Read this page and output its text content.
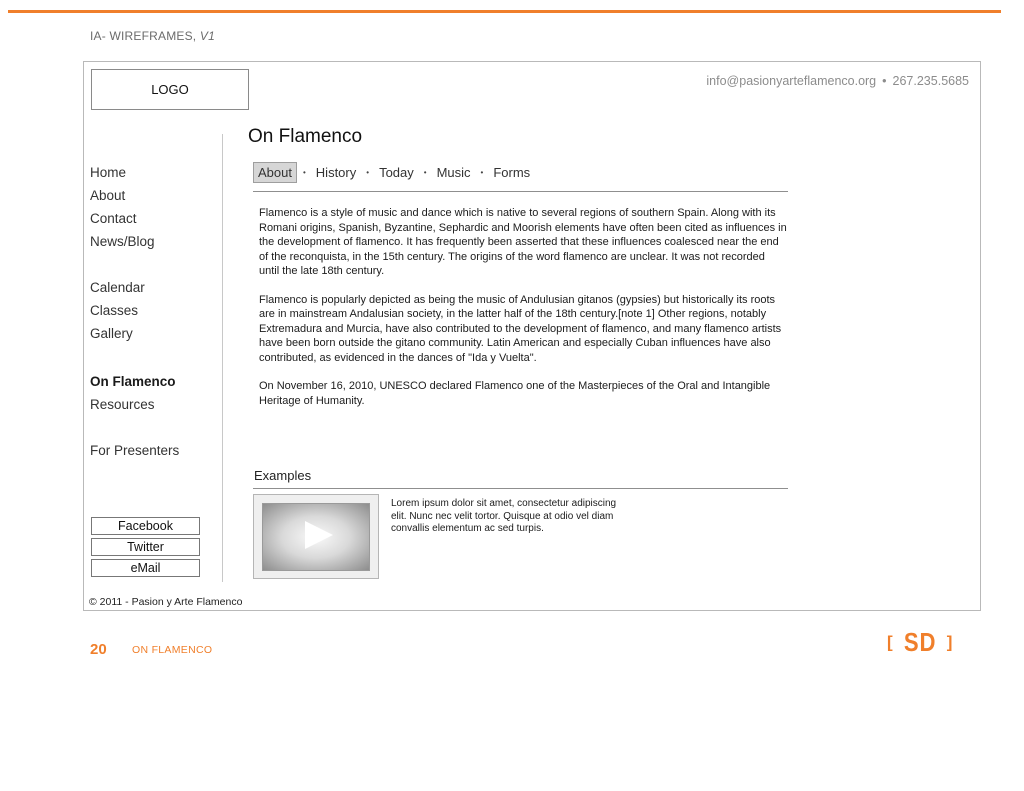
IA- WIREFRAMES, V1
LOGO
info@pasionyarteflamenco.org • 267.235.5685
Home
About
Contact
News/Blog
Calendar
Classes
Gallery
On Flamenco
Resources
For Presenters
Facebook
Twitter
eMail
© 2011 - Pasion y Arte Flamenco
On Flamenco
About	• History	• Today	• Music	• Forms

Flamenco is a style of music and dance which is native to several regions of southern Spain. Along with its Romani origins, Spanish, Byzantine, Sephardic and Moorish elements have often been cited as influences in the development of flamenco. It has frequently been asserted that these influences coalesced near the end of the reconquista, in the 15th century. The origins of the word flamenco are unclear. It was not recorded until the late 18th century.

Flamenco is popularly depicted as being the music of Andulusian gitanos (gypsies) but historically its roots are in mainstream Andalusian society, in the latter half of the 18th century.[note 1] Other regions, notably Extremadura and Murcia, have also contributed to the development of flamenco, and many flamenco artists have been born outside the gitano community. Latin American and especially Cuban influences have also contributed, as evidenced in the dances of "Ida y Vuelta".

On November 16, 2010, UNESCO declared Flamenco one of the Masterpieces of the Oral and Intangible Heritage of Humanity.

Examples
Lorem ipsum dolor sit amet, consectetur adipiscing elit. Nunc nec velit tortor. Quisque at odio vel diam convallis elementum ac sed turpis.
20 ON FLAMENCO	[ SD ]
